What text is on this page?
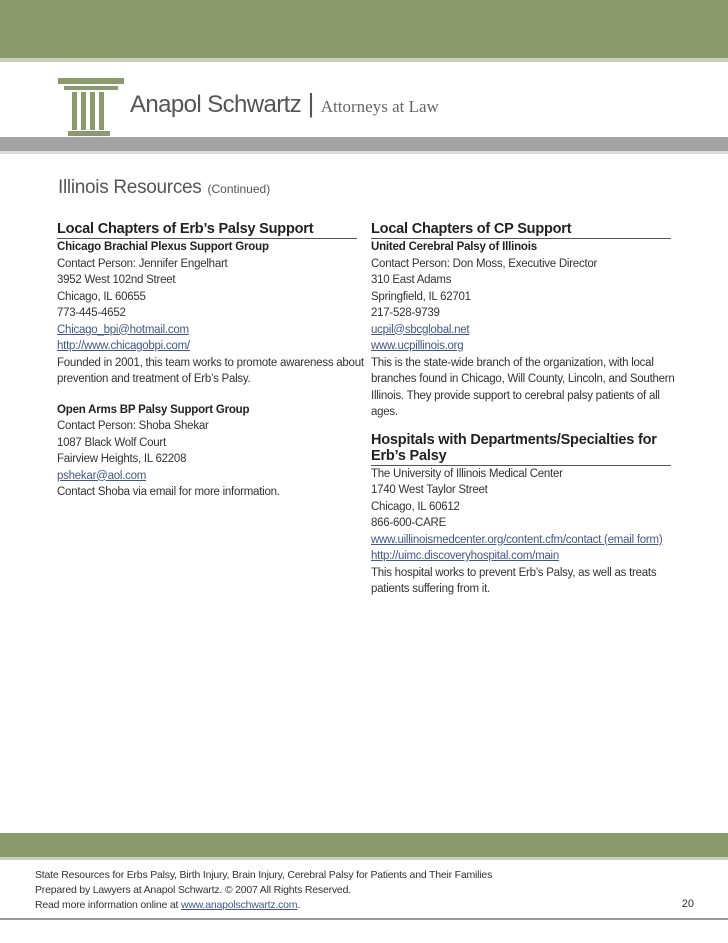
Anapol Schwartz | Attorneys at Law
Illinois Resources (Continued)
Local Chapters of Erb’s Palsy Support
Chicago Brachial Plexus Support Group
Contact Person: Jennifer Engelhart
3952 West 102nd Street
Chicago, IL 60655
773-445-4652
Chicago_bpi@hotmail.com
http://www.chicagobpi.com/
Founded in 2001, this team works to promote awareness about
prevention and treatment of Erb’s Palsy.
Open Arms BP Palsy Support Group
Contact Person: Shoba Shekar
1087 Black Wolf Court
Fairview Heights, IL 62208
pshekar@aol.com
Contact Shoba via email for more information.
Local Chapters of CP Support
United Cerebral Palsy of Illinois
Contact Person: Don Moss, Executive Director
310 East Adams
Springfield, IL 62701
217-528-9739
ucpil@sbcglobal.net
www.ucpillinois.org
This is the state-wide branch of the organization, with local
branches found in Chicago, Will County, Lincoln, and Southern
Illinois. They provide support to cerebral palsy patients of all
ages.
Hospitals with Departments/Specialties for
Erb’s Palsy
The University of Illinois Medical Center
1740 West Taylor Street
Chicago, IL 60612
866-600-CARE
www.uillinoismedcenter.org/content.cfm/contact (email form)
http://uimc.discoveryhospital.com/main
This hospital works to prevent Erb’s Palsy, as well as treats
patients suffering from it.
State Resources for Erbs Palsy, Birth Injury, Brain Injury, Cerebral Palsy for Patients and Their Families
Prepared by Lawyers at Anapol Schwartz. © 2007 All Rights Reserved.
Read more information online at www.anapolschwartz.com.	20
